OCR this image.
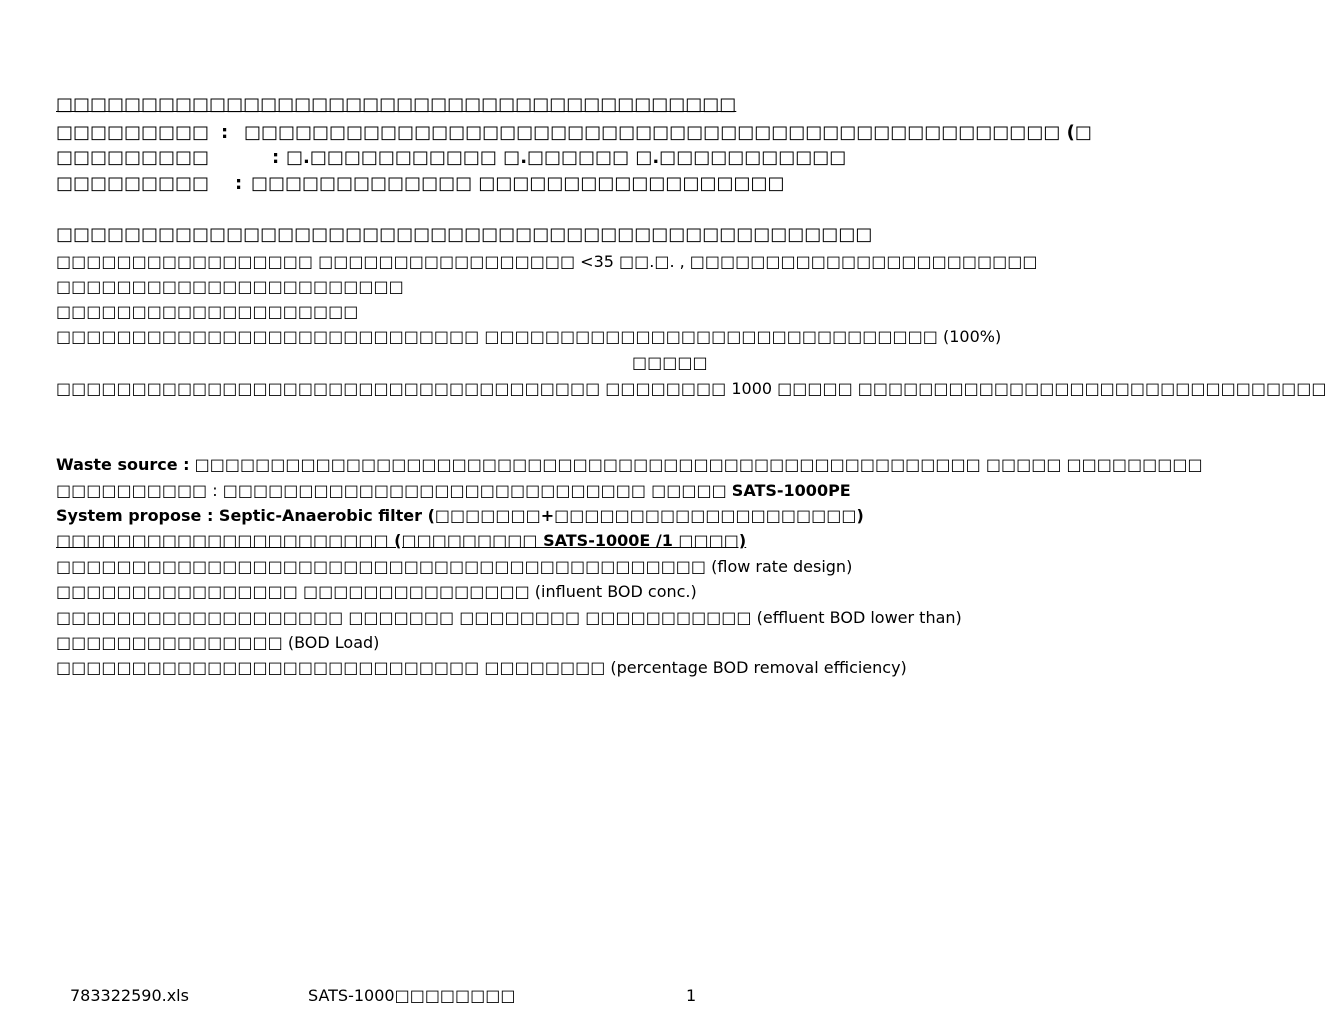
□□□□□□□□□□□□□□□□□□□□□□□□□□□□□□□□□□□□□□□□
□□□□□□□□□ : □□□□□□□□□□□□□□□□□□□□□□□□□□□□□□□□□□□□□□□□□□□□□□□□ (□
□□□□□□□□□	: □.□□□□□□□□□□□ □.□□□□□□ □.□□□□□□□□□□□
□□□□□□□□□ : □□□□□□□□□□□□□ □□□□□□□□□□□□□□□□□□
□□□□□□□□□□□□□□□□□□□□□□□□□□□□□□□□□□□□□□□□□□□□□□□□
□□□□□□□□□□□□□□□□□ □□□□□□□□□□□□□□□□□ <35 □□.□. , □□□□□□□□□□□□□□□□□□□□□□□
□□□□□□□□□□□□□□□□□□□□□□□
□□□□□□□□□□□□□□□□□□□□
□□□□□□□□□□□□□□□□□□□□□□□□□□□□ □□□□□□□□□□□□□□□□□□□□□□□□□□□□□□ (100%)
□□□□□
□□□□□□□□□□□□□□□□□□□□□□□□□□□□□□□□□□□□ □□□□□□□□ 1000 □□□□□ □□□□□□□□□□□□□□□□□□□□□□□□□□□□□□□
Waste source : □□□□□□□□□□□□□□□□□□□□□□□□□□□□□□□□□□□□□□□□□□□□□□□□□□□□ □□□□□ □□□□□□□□□
□□□□□□□□□□ : □□□□□□□□□□□□□□□□□□□□□□□□□□□□ □□□□□ SATS-1000PE
System propose : Septic-Anaerobic filter (□□□□□□□+□□□□□□□□□□□□□□□□□□□□)
□□□□□□□□□□□□□□□□□□□□□□ (□□□□□□□□□ SATS-1000E /1 □□□□)
□□□□□□□□□□□□□□□□□□□□□□□□□□□□□□□□□□□□□□□□□□□ (flow rate design)
□□□□□□□□□□□□□□□□ □□□□□□□□□□□□□□□ (influent BOD conc.)
□□□□□□□□□□□□□□□□□□□ □□□□□□□ □□□□□□□□ □□□□□□□□□□□ (effluent BOD lower than)
□□□□□□□□□□□□□□□ (BOD Load)
□□□□□□□□□□□□□□□□□□□□□□□□□□□□ □□□□□□□□ (percentage BOD removal efficiency)
783322590.xls	SATS-1000□□□□□□□□	1
